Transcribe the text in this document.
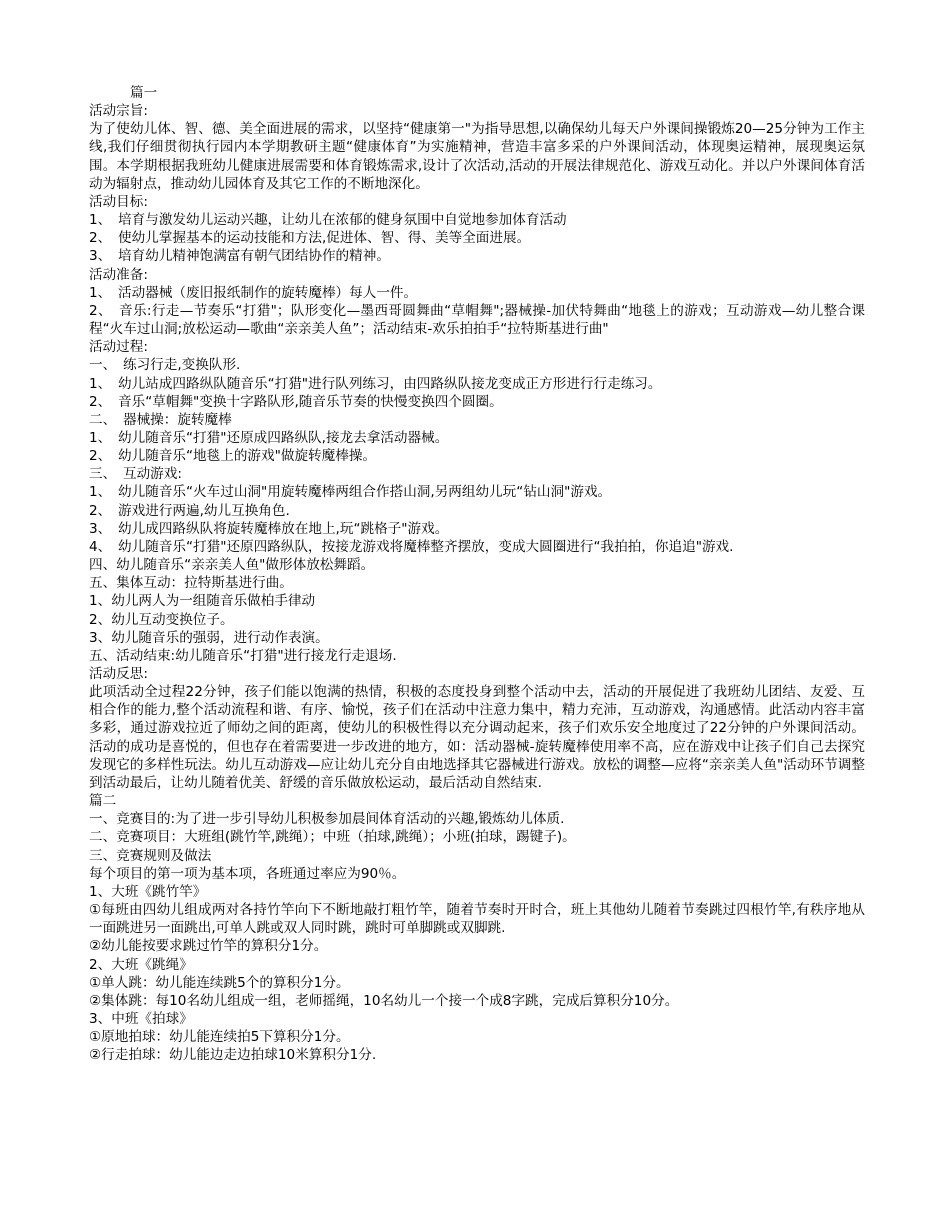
篇一

活动宗旨:

为了使幼儿体、智、德、美全面进展的需求，以坚持“健康第一"为指导思想,以确保幼儿每天户外课间操锻炼20—25分钟为工作主线,我们仔细贯彻执行园内本学期教研主题“健康体育”为实施精神，营造丰富多采的户外课间活动，体现奥运精神，展现奥运氛围。本学期根据我班幼儿健康进展需要和体育锻炼需求,设计了次活动,活动的开展法律规范化、游戏互动化。并以户外课间体育活动为辐射点，推动幼儿园体育及其它工作的不断地深化。

活动目标:

1、　培育与激发幼儿运动兴趣，让幼儿在浓郁的健身氛围中自觉地参加体育活动

2、　使幼儿掌握基本的运动技能和方法,促进体、智、得、美等全面进展。

3、　培育幼儿精神饱满富有朝气团结协作的精神。

活动准备:

1、　活动器械（废旧报纸制作的旋转魔棒）每人一件。

2、　音乐:行走—节奏乐“打猎"；队形变化—墨西哥圆舞曲“草帽舞";器械操-加伏特舞曲“地毯上的游戏；互动游戏—幼儿整合课程“火车过山洞;放松运动—歌曲“亲亲美人鱼”；活动结束-欢乐拍拍手“拉特斯基进行曲"

活动过程:

一、　练习行走,变换队形.

1、　幼儿站成四路纵队随音乐“打猎"进行队列练习，由四路纵队接龙变成正方形进行行走练习。

2、　音乐“草帽舞"变换十字路队形,随音乐节奏的快慢变换四个圆圈。

二、　器械操：旋转魔棒

1、　幼儿随音乐“打猎"还原成四路纵队,接龙去拿活动器械。

2、　幼儿随音乐“地毯上的游戏"做旋转魔棒操。

三、　互动游戏:

1、　幼儿随音乐“火车过山洞"用旋转魔棒两组合作搭山洞,另两组幼儿玩“钻山洞"游戏。

2、　游戏进行两遍,幼儿互换角色.

3、　幼儿成四路纵队将旋转魔棒放在地上,玩“跳格子"游戏。

4、　幼儿随音乐“打猎"还原四路纵队，按接龙游戏将魔棒整齐摆放，变成大圆圈进行“我拍拍，你追追"游戏.

四、幼儿随音乐“亲亲美人鱼"做形体放松舞蹈。

五、集体互动：拉特斯基进行曲。

1、幼儿两人为一组随音乐做柏手律动

2、幼儿互动变换位子。

3、幼儿随音乐的强弱，进行动作表演。

五、活动结束:幼儿随音乐“打猎"进行接龙行走退场.

活动反思:

此项活动全过程22分钟，孩子们能以饱满的热情，积极的态度投身到整个活动中去，活动的开展促进了我班幼儿团结、友爱、互相合作的能力,整个活动流程和谐、有序、愉悦，孩子们在活动中注意力集中，精力充沛，互动游戏，沟通感情。此活动内容丰富多彩，通过游戏拉近了师幼之间的距离，使幼儿的积极性得以充分调动起来，孩子们欢乐安全地度过了22分钟的户外课间活动。活动的成功是喜悦的，但也存在着需要进一步改进的地方，如：活动器械-旋转魔棒使用率不高，应在游戏中让孩子们自己去探究发现它的多样性玩法。幼儿互动游戏—应让幼儿充分自由地选择其它器械进行游戏。放松的调整—应将“亲亲美人鱼"活动环节调整到活动最后，让幼儿随着优美、舒缓的音乐做放松运动，最后活动自然结束.

篇二

一、竞赛目的:为了进一步引导幼儿积极参加晨间体育活动的兴趣,锻炼幼儿体质.

二、竞赛项目：大班组(跳竹竿,跳绳）；中班（拍球,跳绳）；小班(拍球，踢键子)。

三、竞赛规则及做法

每个项目的第一项为基本项，各班通过率应为90％。

1、大班《跳竹竿》

①每班由四幼儿组成两对各持竹竿向下不断地敲打粗竹竿，随着节奏时开时合，班上其他幼儿随着节奏跳过四根竹竿,有秩序地从一面跳进另一面跳出,可单人跳或双人同时跳，跳时可单脚跳或双脚跳.

②幼儿能按要求跳过竹竿的算积分1分。

2、大班《跳绳》

①单人跳：幼儿能连续跳5个的算积分1分。

②集体跳：每10名幼儿组成一组，老师摇绳，10名幼儿一个接一个成8字跳，完成后算积分10分。

3、中班《拍球》

①原地拍球：幼儿能连续拍5下算积分1分。

②行走拍球：幼儿能边走边拍球10米算积分1分.
